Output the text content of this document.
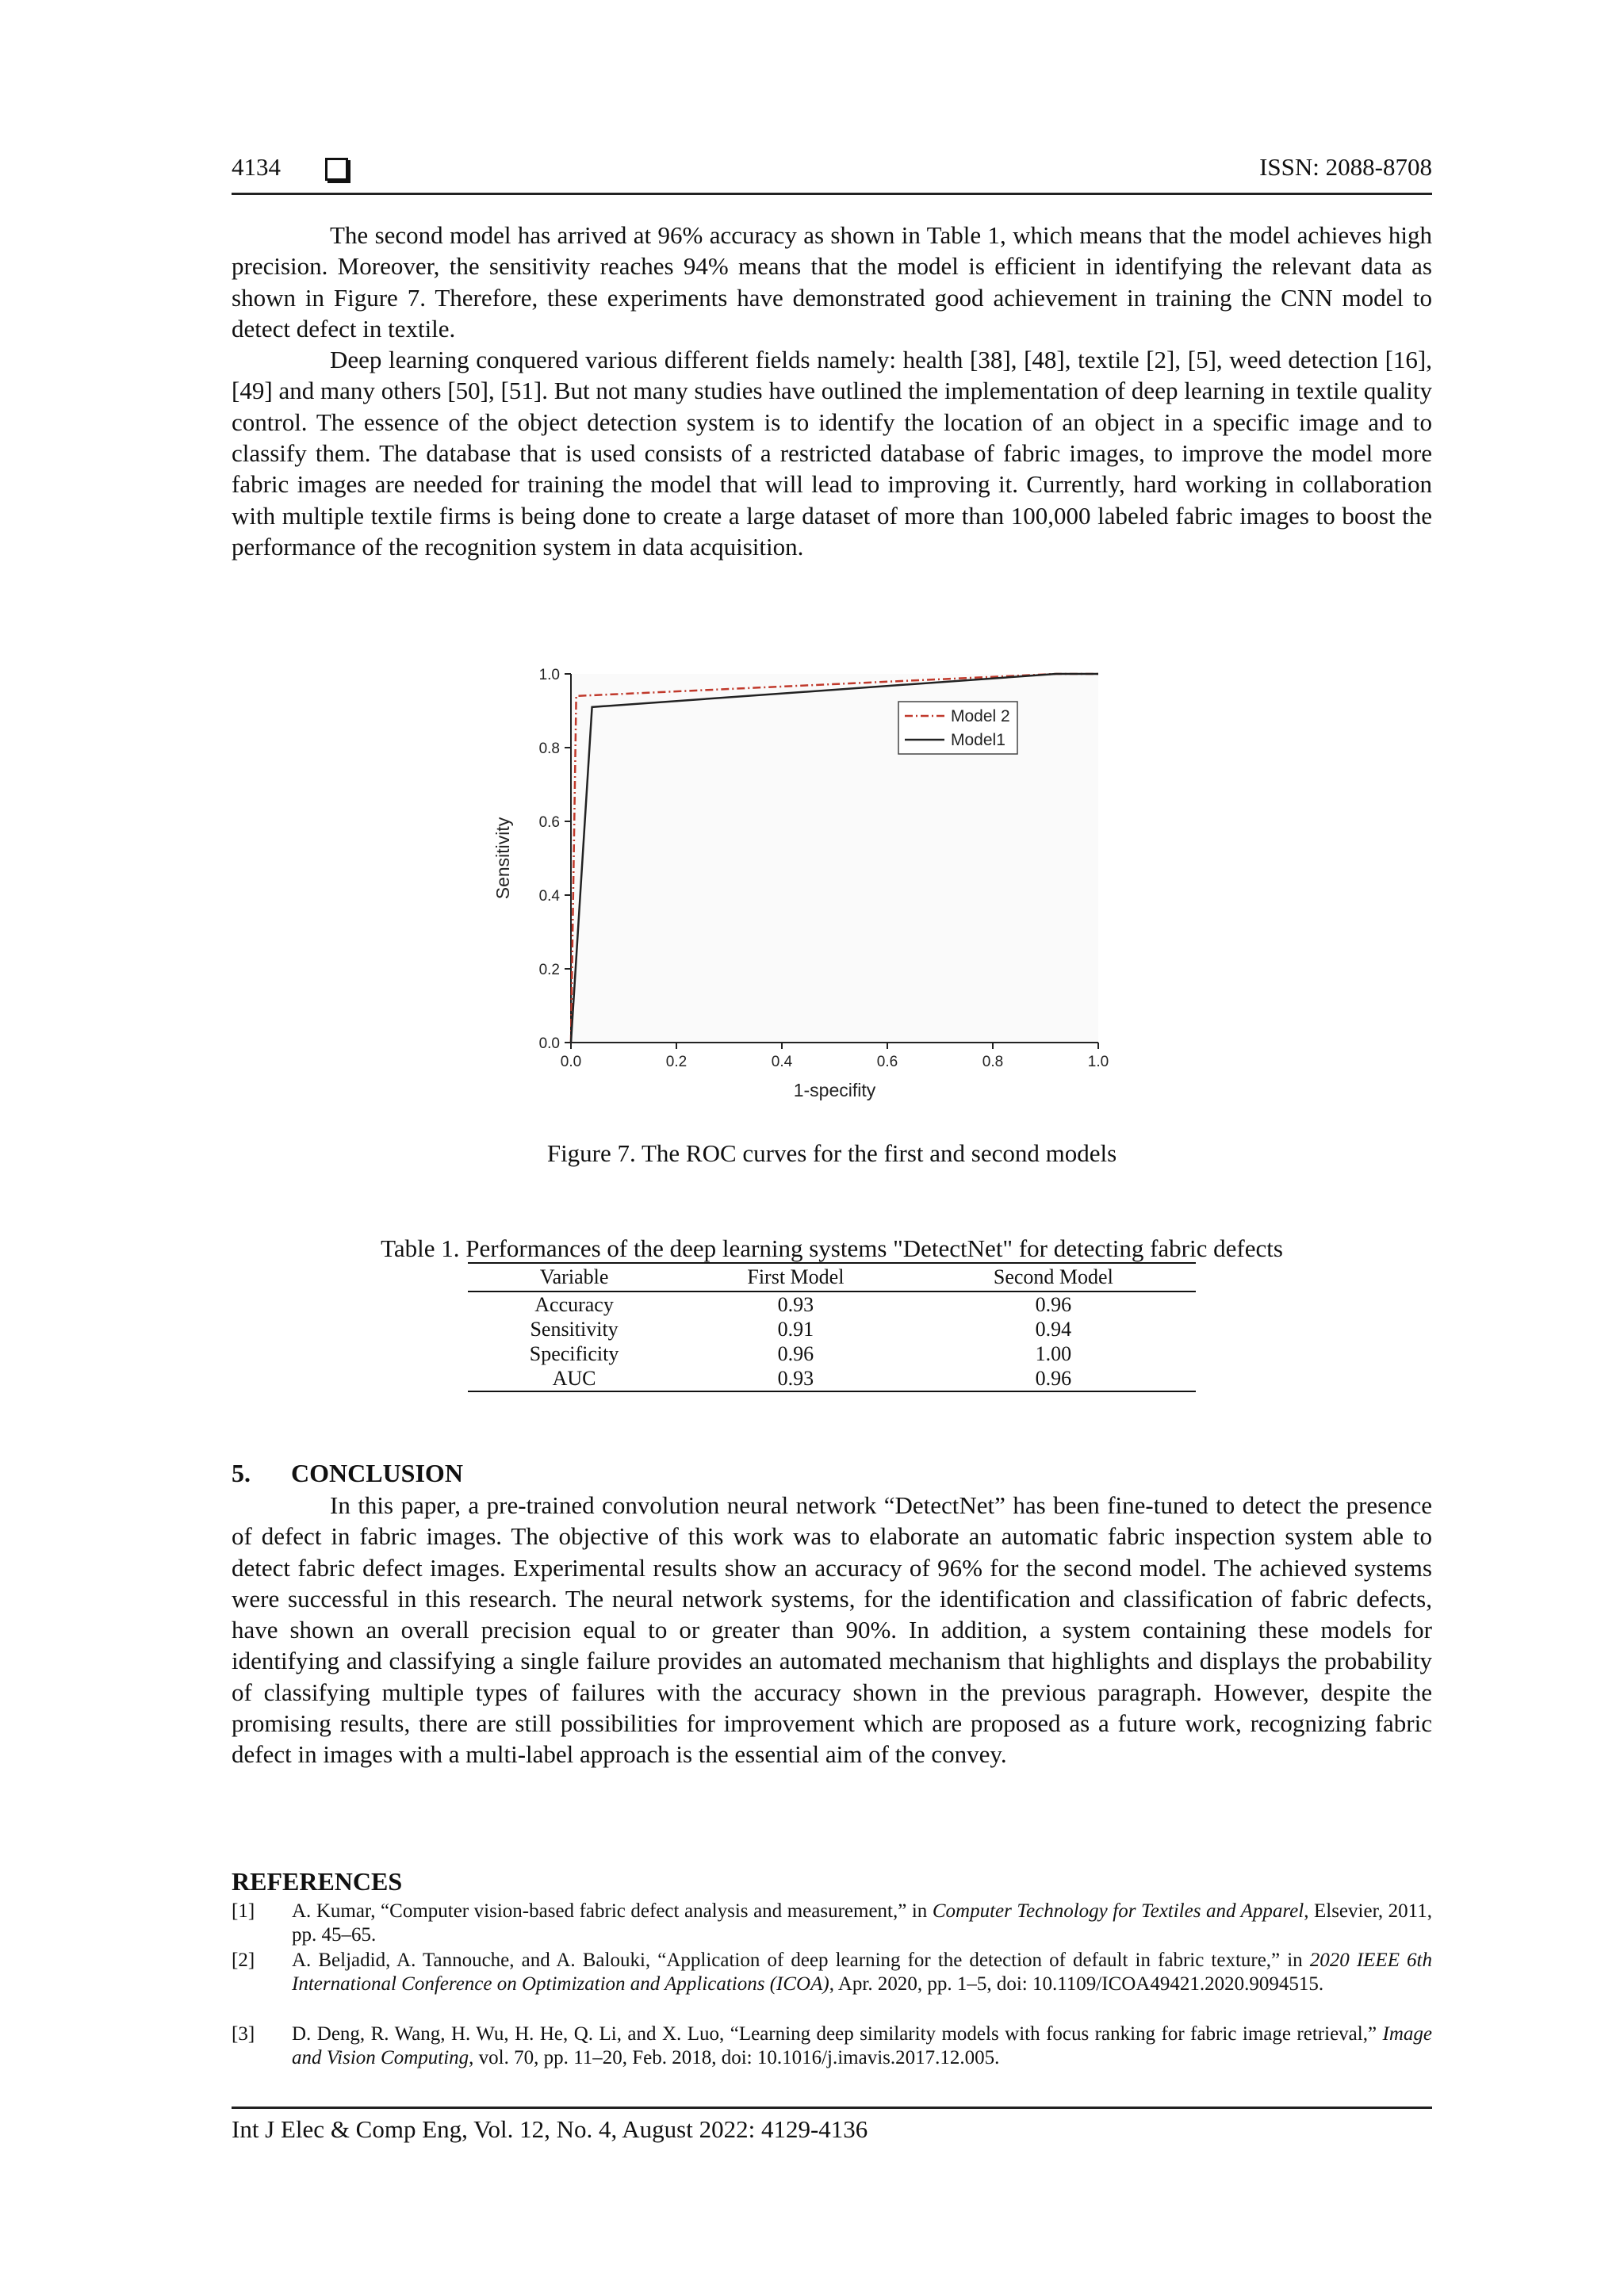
4134	ISSN: 2088-8708

The second model has arrived at 96% accuracy as shown in Table 1, which means that the model achieves high precision. Moreover, the sensitivity reaches 94% means that the model is efficient in identifying the relevant data as shown in Figure 7. Therefore, these experiments have demonstrated good achievement in training the CNN model to detect defect in textile.

Deep learning conquered various different fields namely: health [38], [48], textile [2], [5], weed detection [16], [49] and many others [50], [51]. But not many studies have outlined the implementation of deep learning in textile quality control. The essence of the object detection system is to identify the location of an object in a specific image and to classify them. The database that is used consists of a restricted database of fabric images, to improve the model more fabric images are needed for training the model that will lead to improving it. Currently, hard working in collaboration with multiple textile firms is being done to create a large dataset of more than 100,000 labeled fabric images to boost the performance of the recognition system in data acquisition.

0.0	0.2	0.4	0.6	0.8	1.0
0.0
0.2
0.4
0.6
0.8
1.0
1-specifity
Sensitivity
Model 2
Model1
Figure 7. The ROC curves for the first and second models
Table 1. Performances of the deep learning systems "DetectNet" for detecting fabric defects
Variable	First Model	Second Model
Accuracy	0.93	0.96
Sensitivity	0.91	0.94
Specificity	0.96	1.00
AUC	0.93	0.96
5. CONCLUSION

In this paper, a pre-trained convolution neural network “DetectNet” has been fine-tuned to detect the presence of defect in fabric images. The objective of this work was to elaborate an automatic fabric inspection system able to detect fabric defect images. Experimental results show an accuracy of 96% for the second model. The achieved systems were successful in this research. The neural network systems, for the identification and classification of fabric defects, have shown an overall precision equal to or greater than 90%. In addition, a system containing these models for identifying and classifying a single failure provides an automated mechanism that highlights and displays the probability of classifying multiple types of failures with the accuracy shown in the previous paragraph. However, despite the promising results, there are still possibilities for improvement which are proposed as a future work, recognizing fabric defect in images with a multi-label approach is the essential aim of the convey.

REFERENCES
[1] A. Kumar, “Computer vision-based fabric defect analysis and measurement,” in Computer Technology for Textiles and Apparel, Elsevier, 2011, pp. 45–65.
[2] A. Beljadid, A. Tannouche, and A. Balouki, “Application of deep learning for the detection of default in fabric texture,” in 2020 IEEE 6th International Conference on Optimization and Applications (ICOA), Apr. 2020, pp. 1–5, doi: 10.1109/ICOA49421.2020.9094515.
[3] D. Deng, R. Wang, H. Wu, H. He, Q. Li, and X. Luo, “Learning deep similarity models with focus ranking for fabric image retrieval,” Image and Vision Computing, vol. 70, pp. 11–20, Feb. 2018, doi: 10.1016/j.imavis.2017.12.005.
Int J Elec & Comp Eng, Vol. 12, No. 4, August 2022: 4129-4136
